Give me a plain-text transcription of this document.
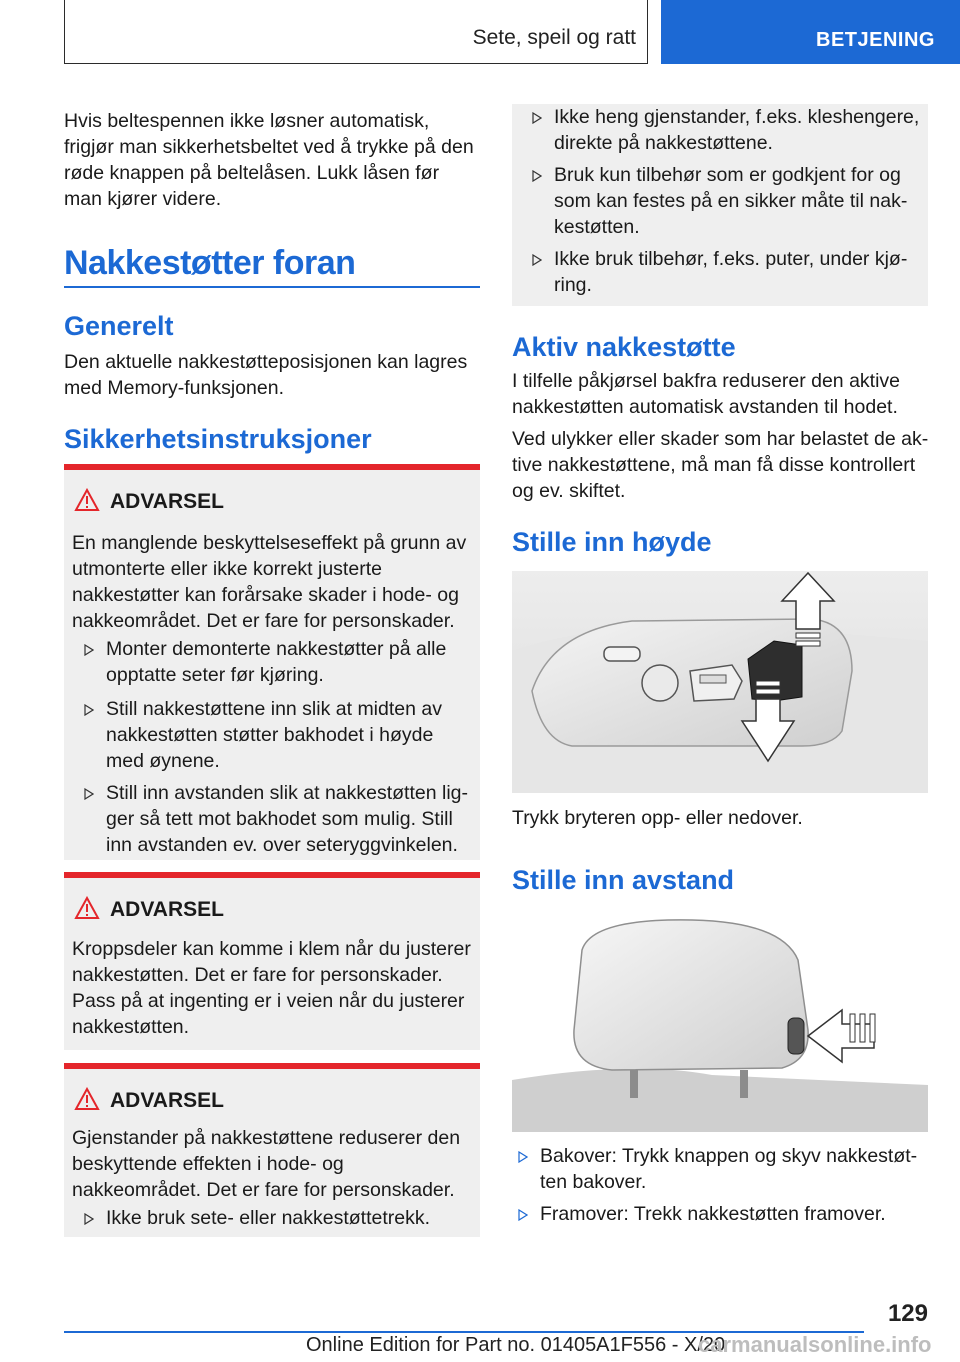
Sete, speil og ratt	BETJENING
Hvis beltespennen ikke løsner automatisk, frigjør man sikkerhetsbeltet ved å trykke på den røde knappen på beltelåsen. Lukk låsen før man kjører videre.
Nakkestøtter foran
Generelt
Den aktuelle nakkestøtteposisjonen kan lagres med Memory-funksjonen.
Sikkerhetsinstruksjoner
ADVARSEL
En manglende beskyttelseseffekt på grunn av utmonterte eller ikke korrekt justerte nakkestøtter kan forårsake skader i hode- og nakkeområdet. Det er fare for personskader.
Monter demonterte nakkestøtter på alle opptatte seter før kjøring.
Still nakkestøttene inn slik at midten av nakkestøtten støtter bakhodet i høyde med øynene.
Still inn avstanden slik at nakkestøtten ligger så tett mot bakhodet som mulig. Still inn avstanden ev. over seteryggvinkelen.
ADVARSEL
Kroppsdeler kan komme i klem når du justerer nakkestøtten. Det er fare for personskader. Pass på at ingenting er i veien når du justerer nakkestøtten.
ADVARSEL
Gjenstander på nakkestøttene reduserer den beskyttende effekten i hode- og nakkeområdet. Det er fare for personskader.
Ikke bruk sete- eller nakkestøttetrekk.
Ikke heng gjenstander, f.eks. kleshengere, direkte på nakkestøttene.
Bruk kun tilbehør som er godkjent for og som kan festes på en sikker måte til nakkestøtten.
Ikke bruk tilbehør, f.eks. puter, under kjøring.
Aktiv nakkestøtte
I tilfelle påkjørsel bakfra reduserer den aktive nakkestøtten automatisk avstanden til hodet.
Ved ulykker eller skader som har belastet de aktive nakkestøttene, må man få disse kontrollert og ev. skiftet.
Stille inn høyde
Trykk bryteren opp- eller nedover.
Stille inn avstand
Bakover: Trykk knappen og skyv nakkestøtten bakover.
Framover: Trekk nakkestøtten framover.
129
Online Edition for Part no. 01405A1F556 - X/20
carmanualsonline.info
